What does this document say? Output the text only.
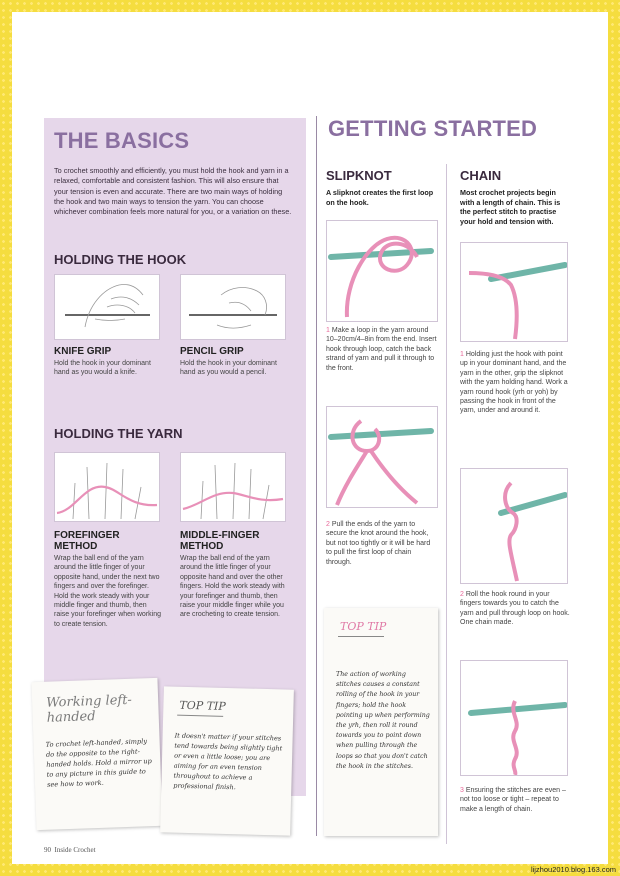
THE BASICS
To crochet smoothly and efficiently, you must hold the hook and yarn in a relaxed, comfortable and consistent fashion. This will also ensure that your tension is even and accurate. There are two main ways of holding the hook and two main ways to tension the yarn. You can choose whichever combination feels more natural for you, or a variation on these.
HOLDING THE HOOK
KNIFE GRIP
Hold the hook in your dominant hand as you would a knife.
PENCIL GRIP
Hold the hook in your dominant hand as you would a pencil.
HOLDING THE YARN
FOREFINGER METHOD
Wrap the ball end of the yarn around the little finger of your opposite hand, under the next two fingers and over the forefinger. Hold the work steady with your middle finger and thumb, then raise your forefinger when working to create tension.
MIDDLE-FINGER METHOD
Wrap the ball end of the yarn around the little finger of your opposite hand and over the other fingers. Hold the work steady with your forefinger and thumb, then raise your middle finger while you are crocheting to create tension.
Working left-handed
To crochet left-handed, simply do the opposite to the right-handed holds. Hold a mirror up to any picture in this guide to see how to work.
TOP TIP
It doesn't matter if your stitches tend towards being slightly tight or even a little loose; you are aiming for an even tension throughout to achieve a professional finish.
GETTING STARTED
SLIPKNOT
A slipknot creates the first loop on the hook.
1 Make a loop in the yarn around 10–20cm/4–8in from the end. Insert hook through loop, catch the back strand of yarn and pull it through to the front.
2 Pull the ends of the yarn to secure the knot around the hook, but not too tightly or it will be hard to pull the first loop of chain through.
TOP TIP
The action of working stitches causes a constant rolling of the hook in your fingers; hold the hook pointing up when performing the yrh, then roll it round towards you to point down when pulling through the loops so that you don't catch the hook in the stitches.
CHAIN
Most crochet projects begin with a length of chain. This is the perfect stitch to practise your hold and tension with.
1 Holding just the hook with point up in your dominant hand, and the yarn in the other, grip the slipknot with the yarn holding hand. Work a yarn round hook (yrh or yoh) by passing the hook in front of the yarn, under and around it.
2 Roll the hook round in your fingers towards you to catch the yarn and pull through loop on hook. One chain made.
3 Ensuring the stitches are even – not too loose or tight – repeat to make a length of chain.
90 Inside Crochet
lijzhou2010.blog.163.com
